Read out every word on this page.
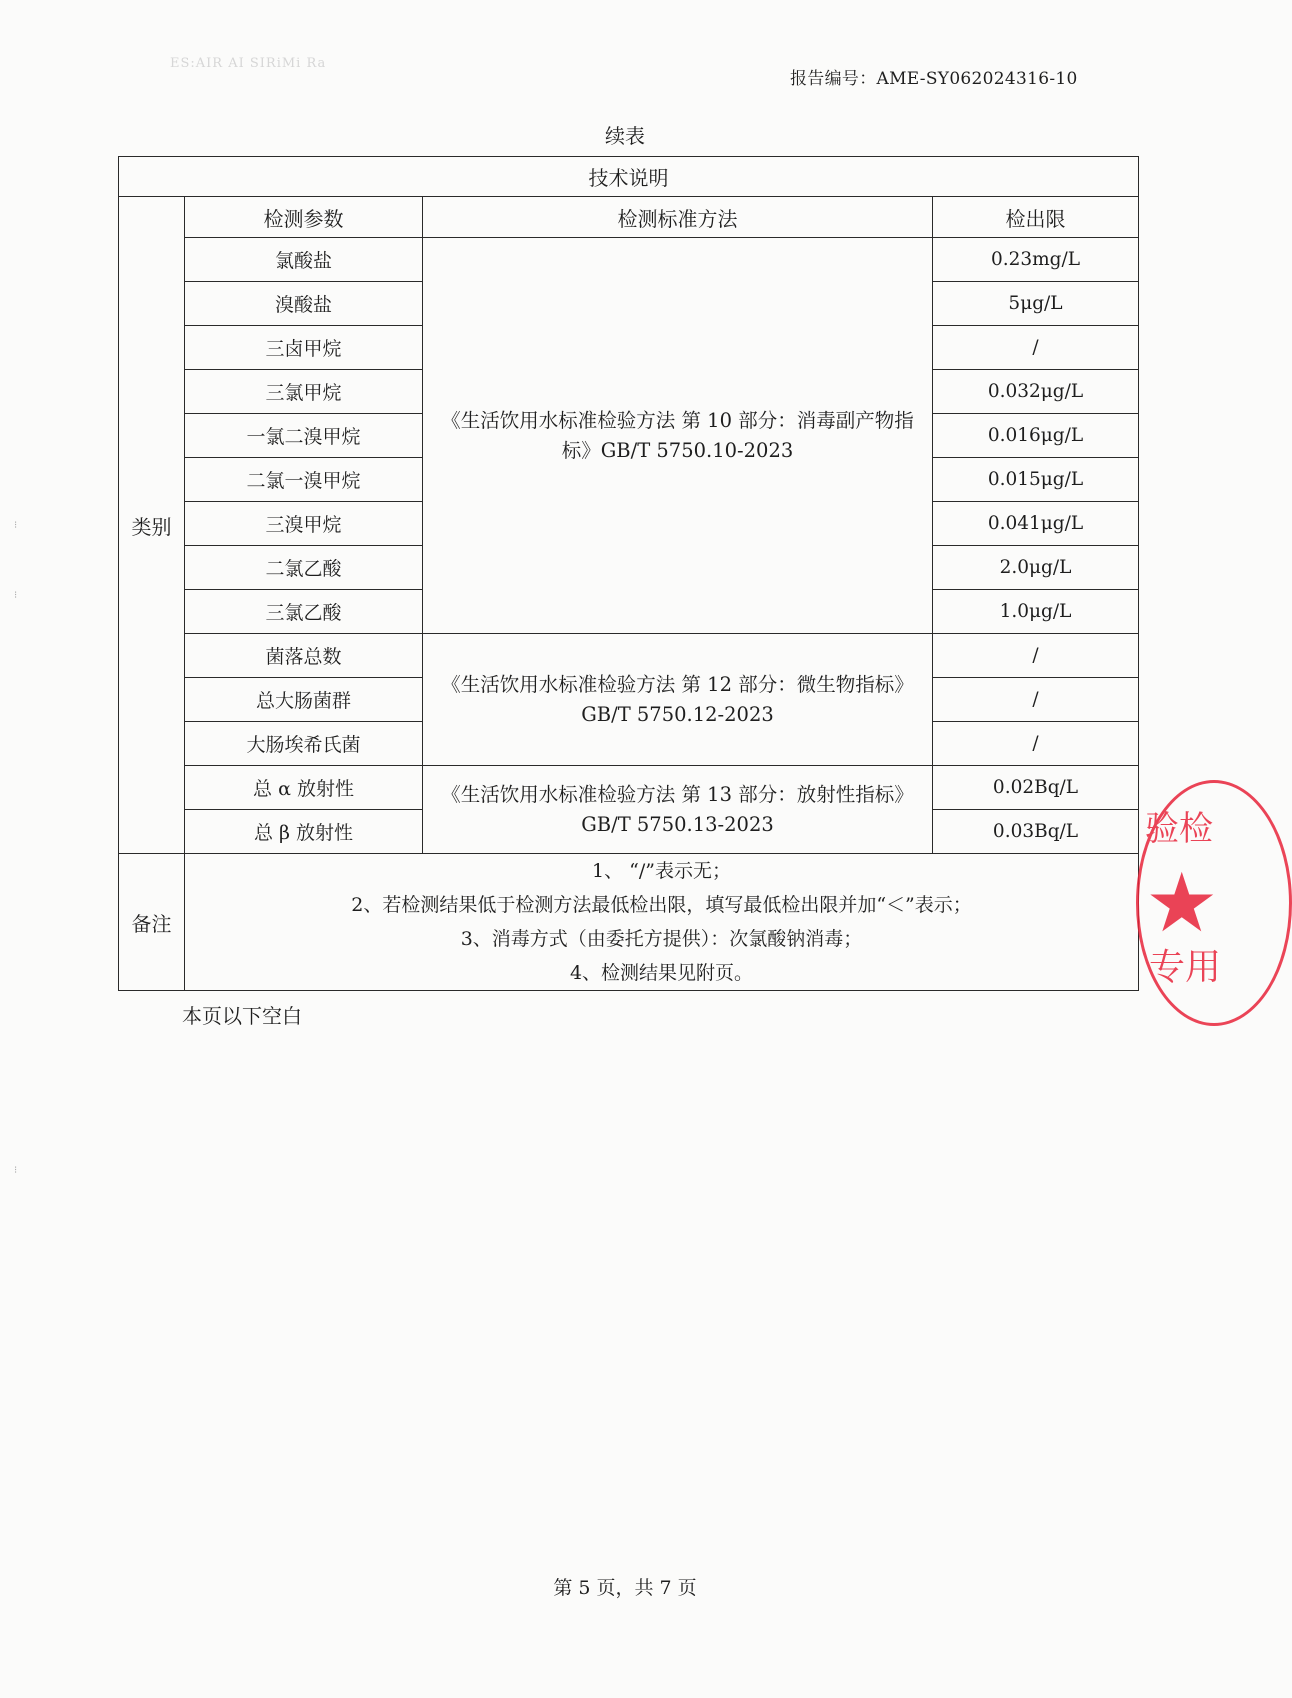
ES:AIR AI SIRiMi Ra
报告编号：AME-SY062024316-10
续表
技术说明			
类别	检测参数	检测标准方法	检出限
	氯酸盐	《生活饮用水标准检验方法 第 10 部分：消毒副产物指标》GB/T 5750.10-2023	0.23mg/L
	溴酸盐		5μg/L
	三卤甲烷		/
	三氯甲烷		0.032μg/L
	一氯二溴甲烷		0.016μg/L
	二氯一溴甲烷		0.015μg/L
	三溴甲烷		0.041μg/L
	二氯乙酸		2.0μg/L
	三氯乙酸		1.0μg/L
	菌落总数	《生活饮用水标准检验方法 第 12 部分：微生物指标》GB/T 5750.12-2023	/
	总大肠菌群		/
	大肠埃希氏菌		/
	总 α 放射性	《生活饮用水标准检验方法 第 13 部分：放射性指标》GB/T 5750.13-2023	0.02Bq/L
	总 β 放射性		0.03Bq/L
备注	1、 “/”表示无；
2、若检测结果低于检测方法最低检出限，填写最低检出限并加“＜”表示；
3、消毒方式（由委托方提供）：次氯酸钠消毒；
4、检测结果见附页。		
本页以下空白
验检
★
专用
⁝
⁝
⁝
第 5 页，共 7 页
